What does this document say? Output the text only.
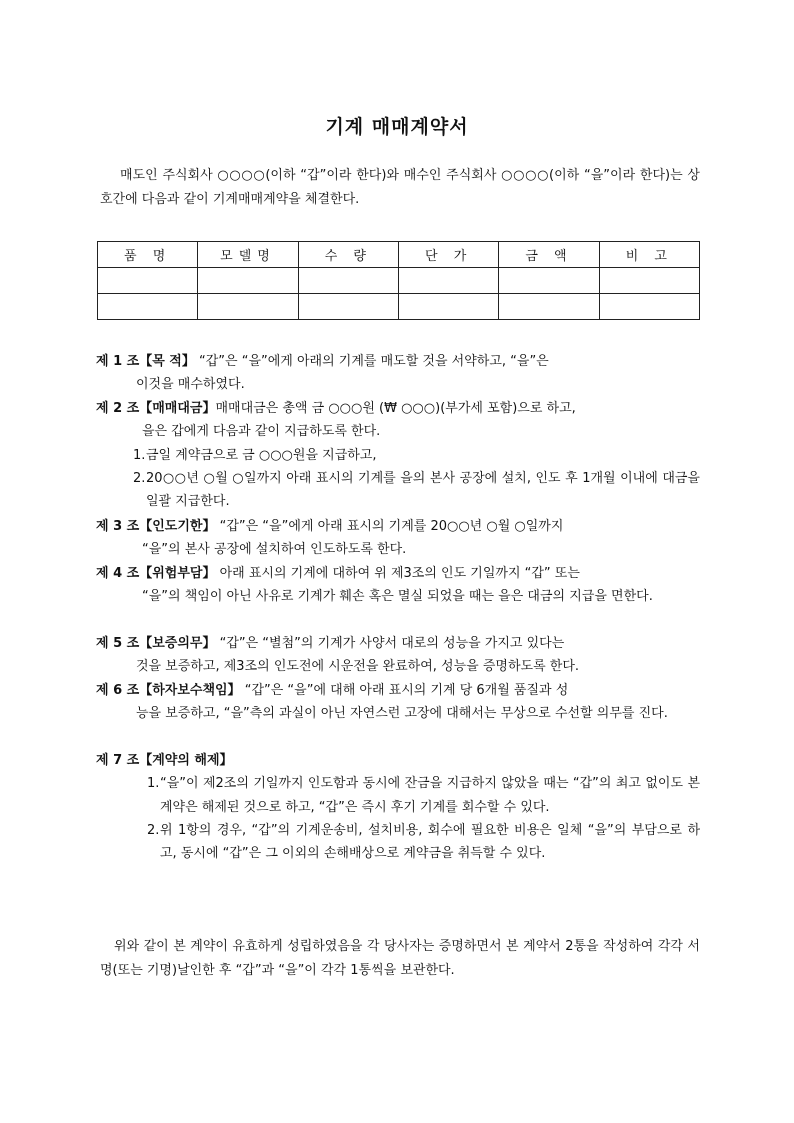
기계 매매계약서
매도인 주식회사 ○○○○(이하 “갑”이라 한다)와 매수인 주식회사 ○○○○(이하 “을”이라 한다)는 상호간에 다음과 같이 기계매매계약을 체결한다.
품 명	모델명	수 량	단 가	금 액	비 고

제 1 조【목 적】 “갑”은 “을”에게 아래의 기계를 매도할 것을 서약하고, “을”은
이것을 매수하였다.
제 2 조【매매대금】매매대금은 총액 금 ○○○원 (₩ ○○○)(부가세 포함)으로 하고,
을은 갑에게 다음과 같이 지급하도록 한다.
1. 금일 계약금으로 금 ○○○원을 지급하고,
2. 20○○년 ○월 ○일까지 아래 표시의 기계를 을의 본사 공장에 설치, 인도 후 1개월 이내에 대금을 일괄 지급한다.
제 3 조【인도기한】 “갑”은 “을”에게 아래 표시의 기계를 20○○년 ○월 ○일까지
“을”의 본사 공장에 설치하여 인도하도록 한다.
제 4 조【위험부담】 아래 표시의 기계에 대하여 위 제3조의 인도 기일까지 “갑” 또는
“을”의 책임이 아닌 사유로 기계가 훼손 혹은 멸실 되었을 때는 을은 대금의 지급을 면한다.
제 5 조【보증의무】 “갑”은 “별첨”의 기계가 사양서 대로의 성능을 가지고 있다는
것을 보증하고, 제3조의 인도전에 시운전을 완료하여, 성능을 증명하도록 한다.
제 6 조【하자보수책임】 “갑”은 “을”에 대해 아래 표시의 기계 당 6개월 품질과 성
능을 보증하고, “을”측의 과실이 아닌 자연스런 고장에 대해서는 무상으로 수선할 의무를 진다.
제 7 조【계약의 해제】
1. “을”이 제2조의 기일까지 인도함과 동시에 잔금을 지급하지 않았을 때는 “갑”의 최고 없이도 본 계약은 해제된 것으로 하고, “갑”은 즉시 후기 기계를 회수할 수 있다.
2. 위 1항의 경우, “갑”의 기계운송비, 설치비용, 회수에 필요한 비용은 일체 “을”의 부담으로 하고, 동시에 “갑”은 그 이외의 손해배상으로 계약금을 취득할 수 있다.
위와 같이 본 계약이 유효하게 성립하였음을 각 당사자는 증명하면서 본 계약서 2통을 작성하여 각각 서명(또는 기명)날인한 후 “갑”과 “을”이 각각 1통씩을 보관한다.
